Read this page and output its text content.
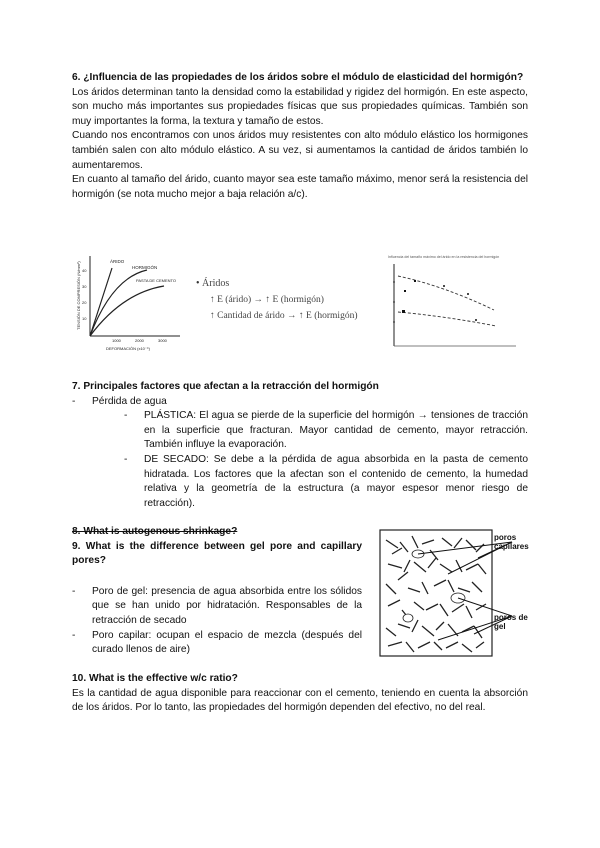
6. ¿Influencia de las propiedades de los áridos sobre el módulo de elasticidad del hormigón?
Los áridos determinan tanto la densidad como la estabilidad y rigidez del hormigón. En este aspecto, son mucho más importantes sus propiedades físicas que sus propiedades químicas. También son muy importantes la forma, la textura y tamaño de estos.
Cuando nos encontramos con unos áridos muy resistentes con alto módulo elástico los hormigones también salen con alto módulo elástico. A su vez, si aumentamos la cantidad de áridos también lo aumentaremos.
En cuanto al tamaño del árido, cuanto mayor sea este tamaño máximo, menor será la resistencia del hormigón (se nota mucho mejor a baja relación a/c).
ÁRIDO
HORMIGÓN
PASTA DE CEMENTO
40
30
20
10
1000	2000	3000
DEFORMACIÓN (x10⁻⁶)
TENSIÓN DE COMPRESIÓN (N/mm²)	• Áridos
↑ E (árido) → ↑ E (hormigón)
↑ Cantidad de árido → ↑ E (hormigón)
Influencia del tamaño máximo del árido en la resistencia del hormigón
7. Principales factores que afectan a la retracción del hormigón
- Pérdida de agua
- PLÁSTICA: El agua se pierde de la superficie del hormigón → tensiones de tracción en la superficie que fracturan. Mayor cantidad de cemento, mayor retracción. También influye la evaporación.
- DE SECADO: Se debe a la pérdida de agua absorbida en la pasta de cemento hidratada. Los factores que la afectan son el contenido de cemento, la humedad relativa y la geometría de la estructura (a mayor espesor menor riesgo de retracción).
8. What is autogenous shrinkage?
9. What is the difference between gel pore and capillary pores?
- Poro de gel: presencia de agua absorbida entre los sólidos que se han unido por hidratación. Responsables de la retracción de secado
- Poro capilar: ocupan el espacio de mezcla (después del curado llenos de aire)
poros capilares
poros de gel
10. What is the effective w/c ratio?
Es la cantidad de agua disponible para reaccionar con el cemento, teniendo en cuenta la absorción de los áridos. Por lo tanto, las propiedades del hormigón dependen del efectivo, no del real.
